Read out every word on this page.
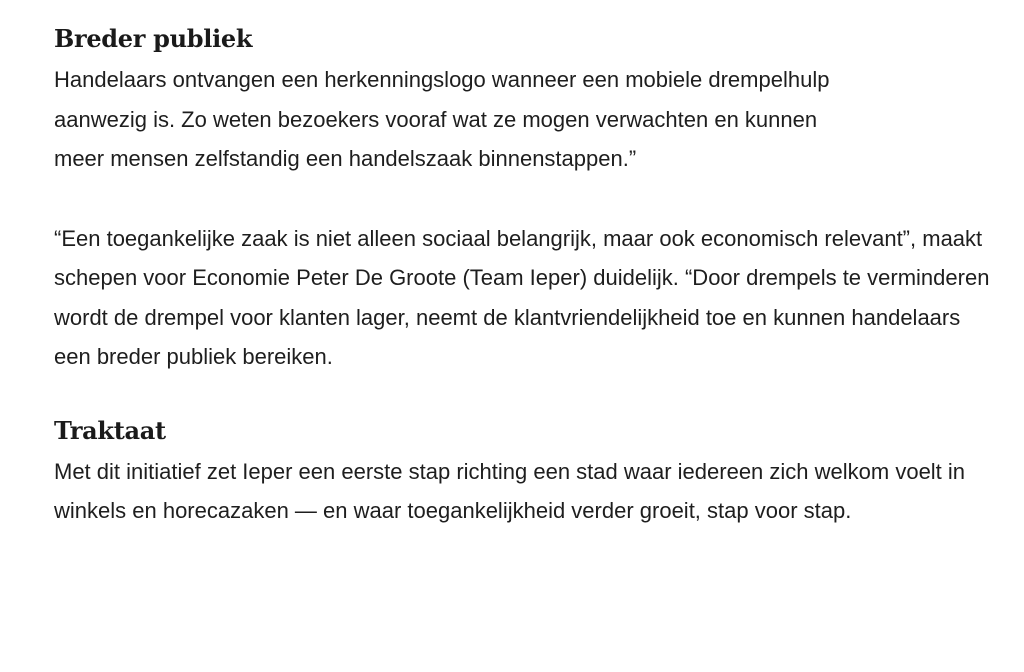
Breder publiek

Handelaars ontvangen een herkenningslogo wanneer een mobiele drempelhulp aanwezig is. Zo weten bezoekers vooraf wat ze mogen verwachten en kunnen meer mensen zelfstandig een handelszaak binnenstappen.”

“Een toegankelijke zaak is niet alleen sociaal belangrijk, maar ook economisch relevant”, maakt schepen voor Economie Peter De Groote (Team Ieper) duidelijk. “Door drempels te verminderen wordt de drempel voor klanten lager, neemt de klantvriendelijkheid toe en kunnen handelaars een breder publiek bereiken.

Traktaat

Met dit initiatief zet Ieper een eerste stap richting een stad waar iedereen zich welkom voelt in winkels en horecazaken — en waar toegankelijkheid verder groeit, stap voor stap.
